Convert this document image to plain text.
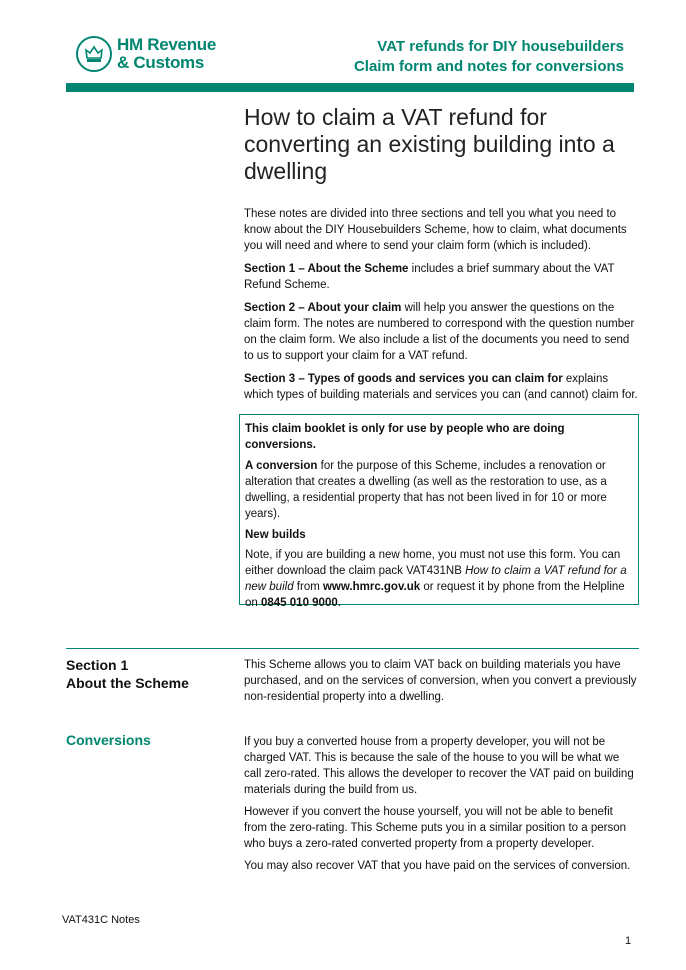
HM Revenue
& Customs
VAT refunds for DIY housebuilders
Claim form and notes for conversions
How to claim a VAT refund for converting an existing building into a dwelling

These notes are divided into three sections and tell you what you need to know about the DIY Housebuilders Scheme, how to claim, what documents you will need and where to send your claim form (which is included).

Section 1 – About the Scheme includes a brief summary about the VAT Refund Scheme.

Section 2 – About your claim will help you answer the questions on the claim form. The notes are numbered to correspond with the question number on the claim form. We also include a list of the documents you need to send to us to support your claim for a VAT refund.

Section 3 – Types of goods and services you can claim for explains which types of building materials and services you can (and cannot) claim for.

This claim booklet is only for use by people who are doing conversions.

A conversion for the purpose of this Scheme, includes a renovation or alteration that creates a dwelling (as well as the restoration to use, as a dwelling, a residential property that has not been lived in for 10 or more years).

New builds

Note, if you are building a new home, you must not use this form. You can either download the claim pack VAT431NB How to claim a VAT refund for a new build from www.hmrc.gov.uk or request it by phone from the Helpline on 0845 010 9000.

Section 1
About the Scheme
This Scheme allows you to claim VAT back on building materials you have purchased, and on the services of conversion, when you convert a previously non-residential property into a dwelling.
Conversions	If you buy a converted house from a property developer, you will not be charged VAT. This is because the sale of the house to you will be what we call zero-rated. This allows the developer to recover the VAT paid on building materials during the build from us.

However if you convert the house yourself, you will not be able to benefit from the zero-rating. This Scheme puts you in a similar position to a person who buys a zero-rated converted property from a property developer.

You may also recover VAT that you have paid on the services of conversion.

VAT431C Notes
1
